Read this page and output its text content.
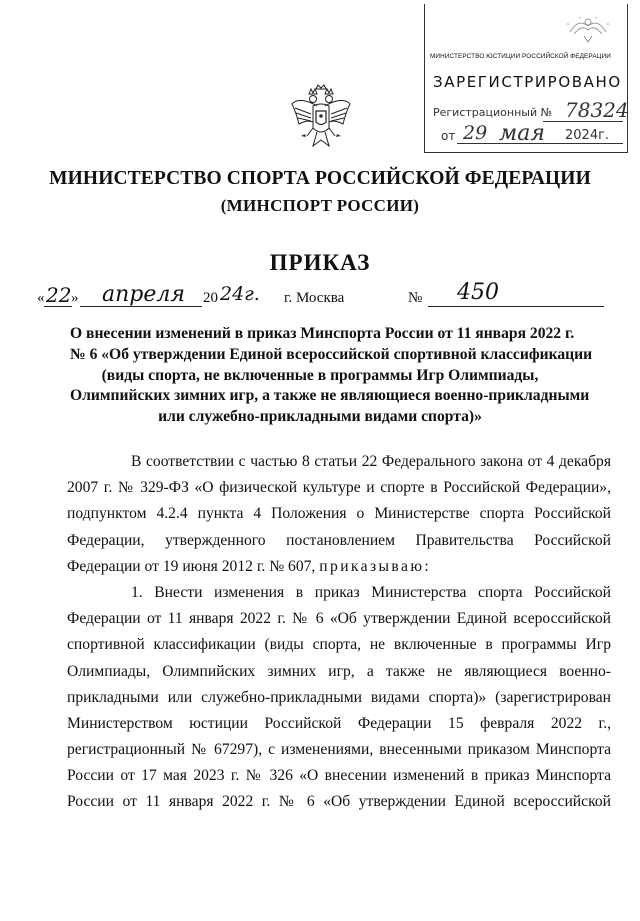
МИНИСТЕРСТВО ЮСТИЦИИ РОССИЙСКОЙ ФЕДЕРАЦИИ
ЗАРЕГИСТРИРОВАНО
Регистрационный № 78324
от 29 мая 2024г.
МИНИСТЕРСТВО СПОРТА РОССИЙСКОЙ ФЕДЕРАЦИИ
(МИНСПОРТ РОССИИ)
ПРИКАЗ
« 22 » апреля 20 24г. г. Москва	№ 450
О внесении изменений в приказ Минспорта России от 11 января 2022 г.
№ 6 «Об утверждении Единой всероссийской спортивной классификации
(виды спорта, не включенные в программы Игр Олимпиады,
Олимпийских зимних игр, а также не являющиеся военно-прикладными
или служебно-прикладными видами спорта)»
В соответствии с частью 8 статьи 22 Федерального закона от 4 декабря
2007 г. № 329-ФЗ «О физической культуре и спорте в Российской Федерации»,
подпунктом 4.2.4 пункта 4 Положения о Министерстве спорта Российской
Федерации, утвержденного постановлением Правительства Российской
Федерации от 19 июня 2012 г. № 607, приказываю:
1. Внести изменения в приказ Министерства спорта Российской
Федерации от 11 января 2022 г. № 6 «Об утверждении Единой всероссийской
спортивной классификации (виды спорта, не включенные в программы Игр
Олимпиады, Олимпийских зимних игр, а также не являющиеся военно-
прикладными или служебно-прикладными видами спорта)» (зарегистрирован
Министерством юстиции Российской Федерации 15 февраля 2022 г.,
регистрационный № 67297), с изменениями, внесенными приказом Минспорта
России от 17 мая 2023 г. № 326 «О внесении изменений в приказ Минспорта
России от 11 января 2022 г. № 6 «Об утверждении Единой всероссийской
